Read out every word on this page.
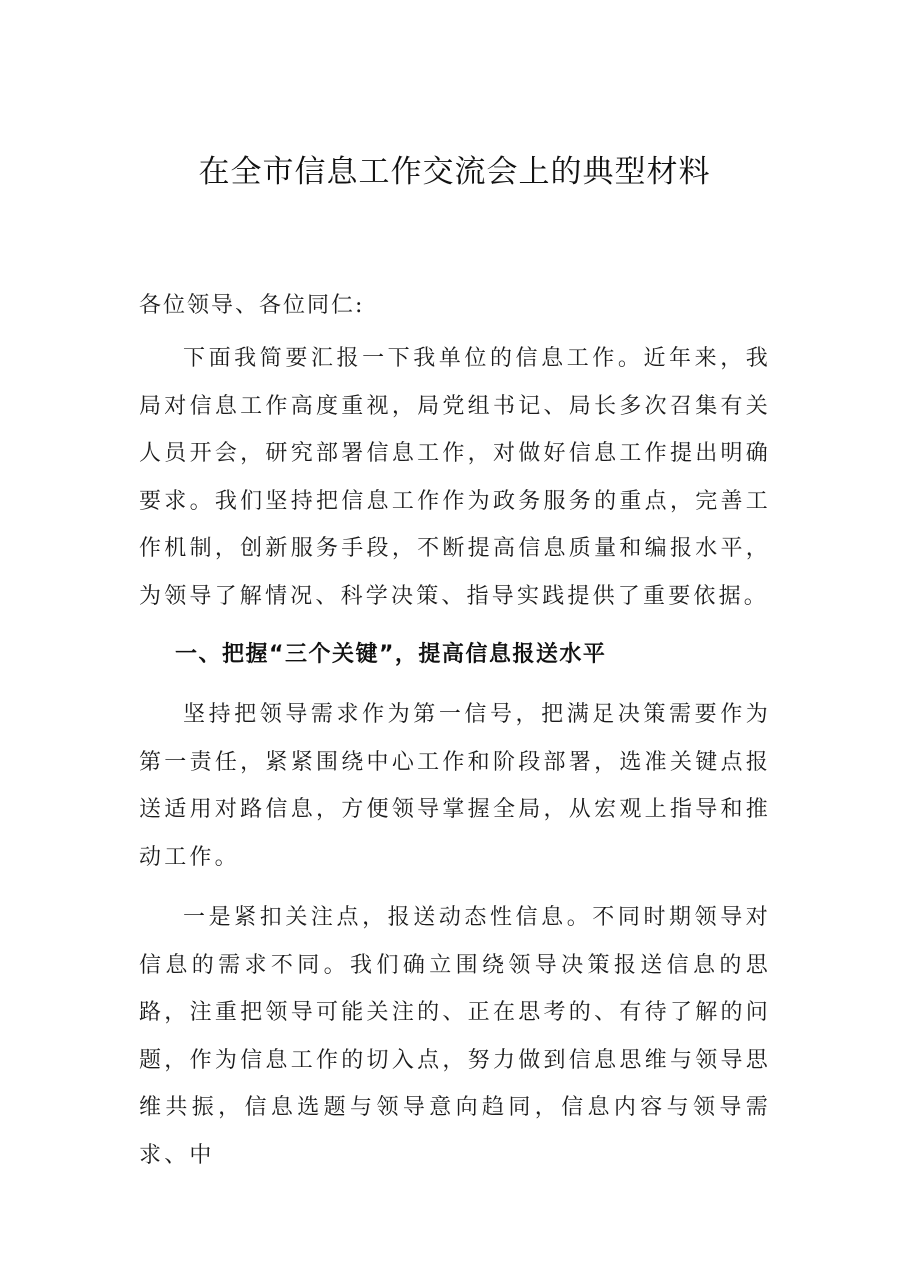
在全市信息工作交流会上的典型材料

各位领导、各位同仁:

下面我简要汇报一下我单位的信息工作。近年来，我局对信息工作高度重视，局党组书记、局长多次召集有关人员开会，研究部署信息工作，对做好信息工作提出明确要求。我们坚持把信息工作作为政务服务的重点，完善工作机制，创新服务手段，不断提高信息质量和编报水平，为领导了解情况、科学决策、指导实践提供了重要依据。

一、把握“三个关键”，提高信息报送水平

坚持把领导需求作为第一信号，把满足决策需要作为第一责任，紧紧围绕中心工作和阶段部署，选准关键点报送适用对路信息，方便领导掌握全局，从宏观上指导和推动工作。

一是紧扣关注点，报送动态性信息。不同时期领导对信息的需求不同。我们确立围绕领导决策报送信息的思路，注重把领导可能关注的、正在思考的、有待了解的问题，作为信息工作的切入点，努力做到信息思维与领导思维共振，信息选题与领导意向趋同，信息内容与领导需求、中
